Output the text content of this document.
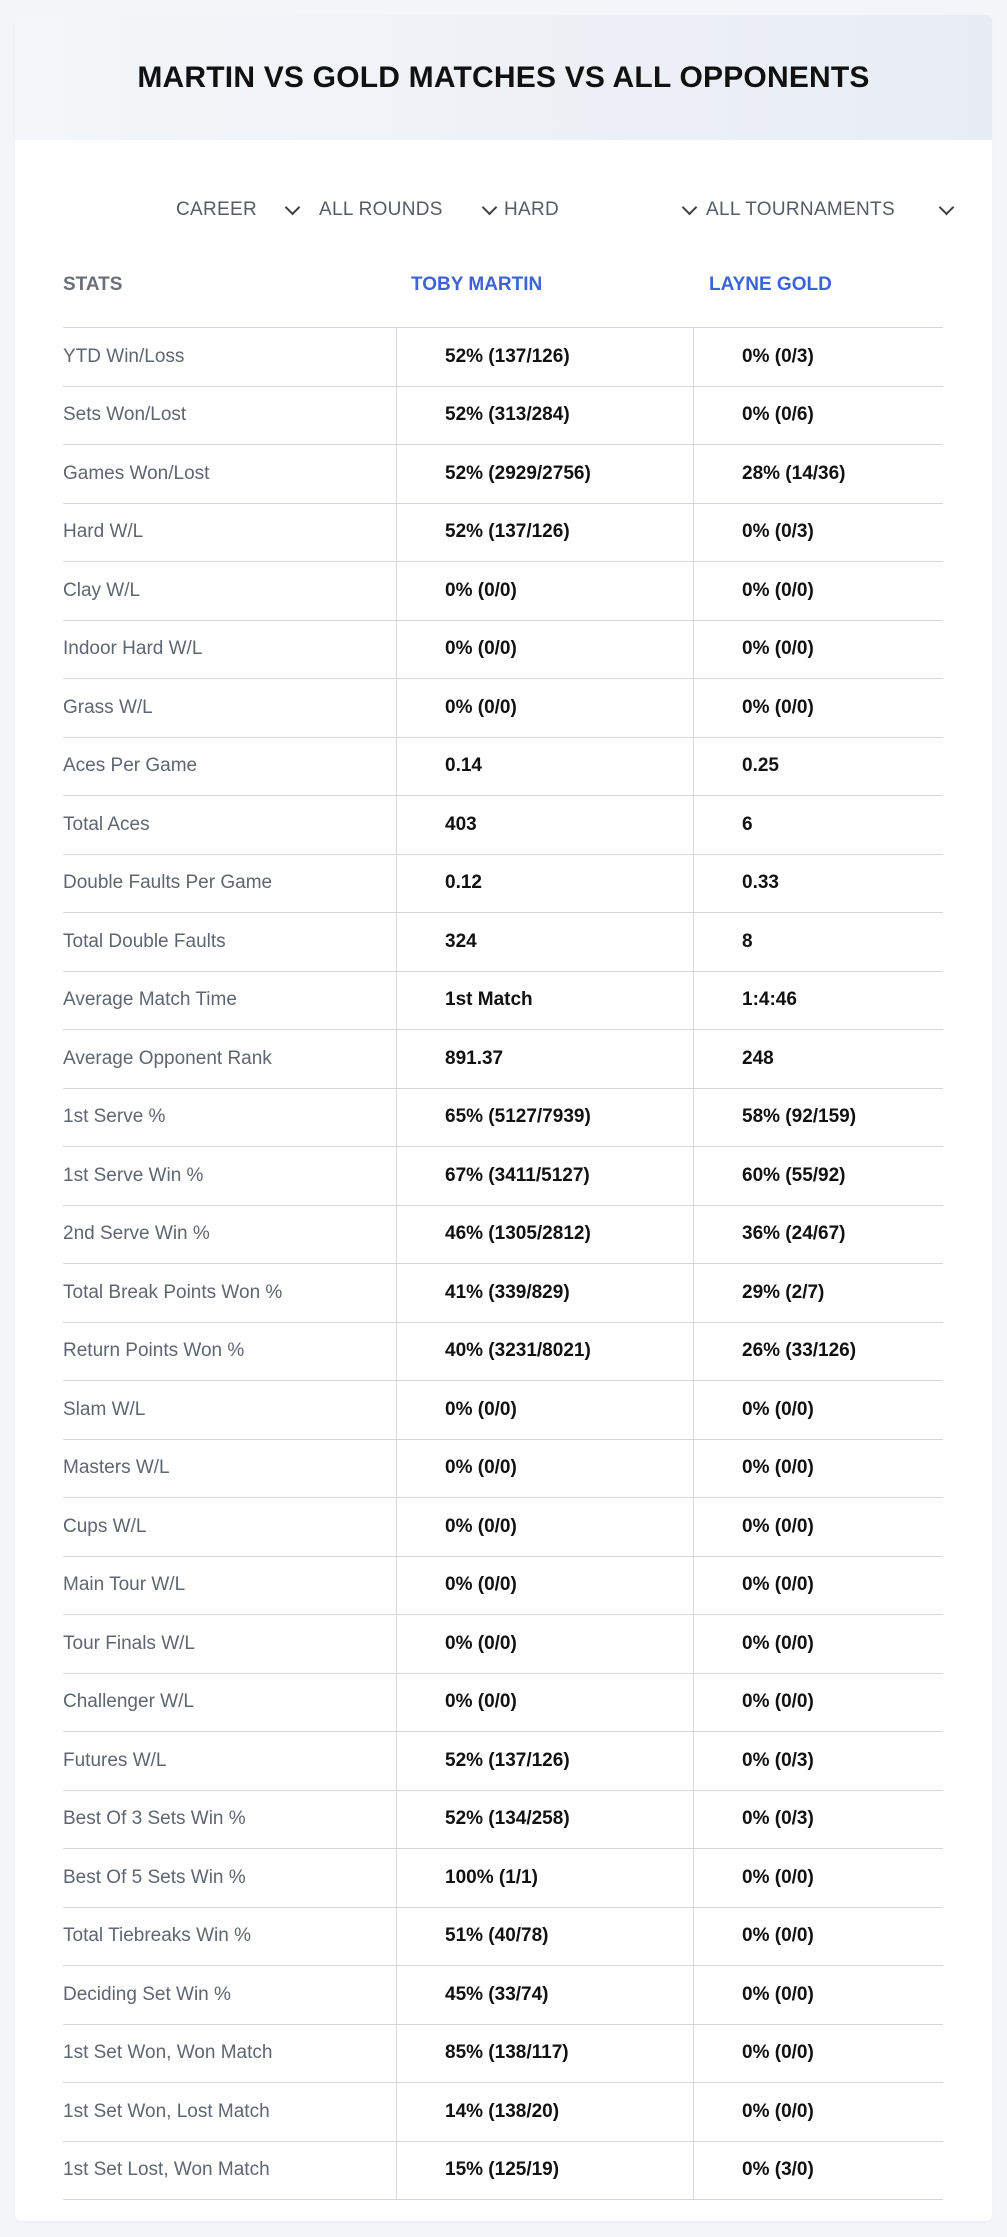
MARTIN VS GOLD MATCHES VS ALL OPPONENTS
CAREER	ALL ROUNDS	HARD	ALL TOURNAMENTS
STATS	TOBY MARTIN	LAYNE GOLD
YTD Win/Loss	52% (137/126)	0% (0/3)
Sets Won/Lost	52% (313/284)	0% (0/6)
Games Won/Lost	52% (2929/2756)	28% (14/36)
Hard W/L	52% (137/126)	0% (0/3)
Clay W/L	0% (0/0)	0% (0/0)
Indoor Hard W/L	0% (0/0)	0% (0/0)
Grass W/L	0% (0/0)	0% (0/0)
Aces Per Game	0.14	0.25
Total Aces	403	6
Double Faults Per Game	0.12	0.33
Total Double Faults	324	8
Average Match Time	1st Match	1:4:46
Average Opponent Rank	891.37	248
1st Serve %	65% (5127/7939)	58% (92/159)
1st Serve Win %	67% (3411/5127)	60% (55/92)
2nd Serve Win %	46% (1305/2812)	36% (24/67)
Total Break Points Won %	41% (339/829)	29% (2/7)
Return Points Won %	40% (3231/8021)	26% (33/126)
Slam W/L	0% (0/0)	0% (0/0)
Masters W/L	0% (0/0)	0% (0/0)
Cups W/L	0% (0/0)	0% (0/0)
Main Tour W/L	0% (0/0)	0% (0/0)
Tour Finals W/L	0% (0/0)	0% (0/0)
Challenger W/L	0% (0/0)	0% (0/0)
Futures W/L	52% (137/126)	0% (0/3)
Best Of 3 Sets Win %	52% (134/258)	0% (0/3)
Best Of 5 Sets Win %	100% (1/1)	0% (0/0)
Total Tiebreaks Win %	51% (40/78)	0% (0/0)
Deciding Set Win %	45% (33/74)	0% (0/0)
1st Set Won, Won Match	85% (138/117)	0% (0/0)
1st Set Won, Lost Match	14% (138/20)	0% (0/0)
1st Set Lost, Won Match	15% (125/19)	0% (3/0)
